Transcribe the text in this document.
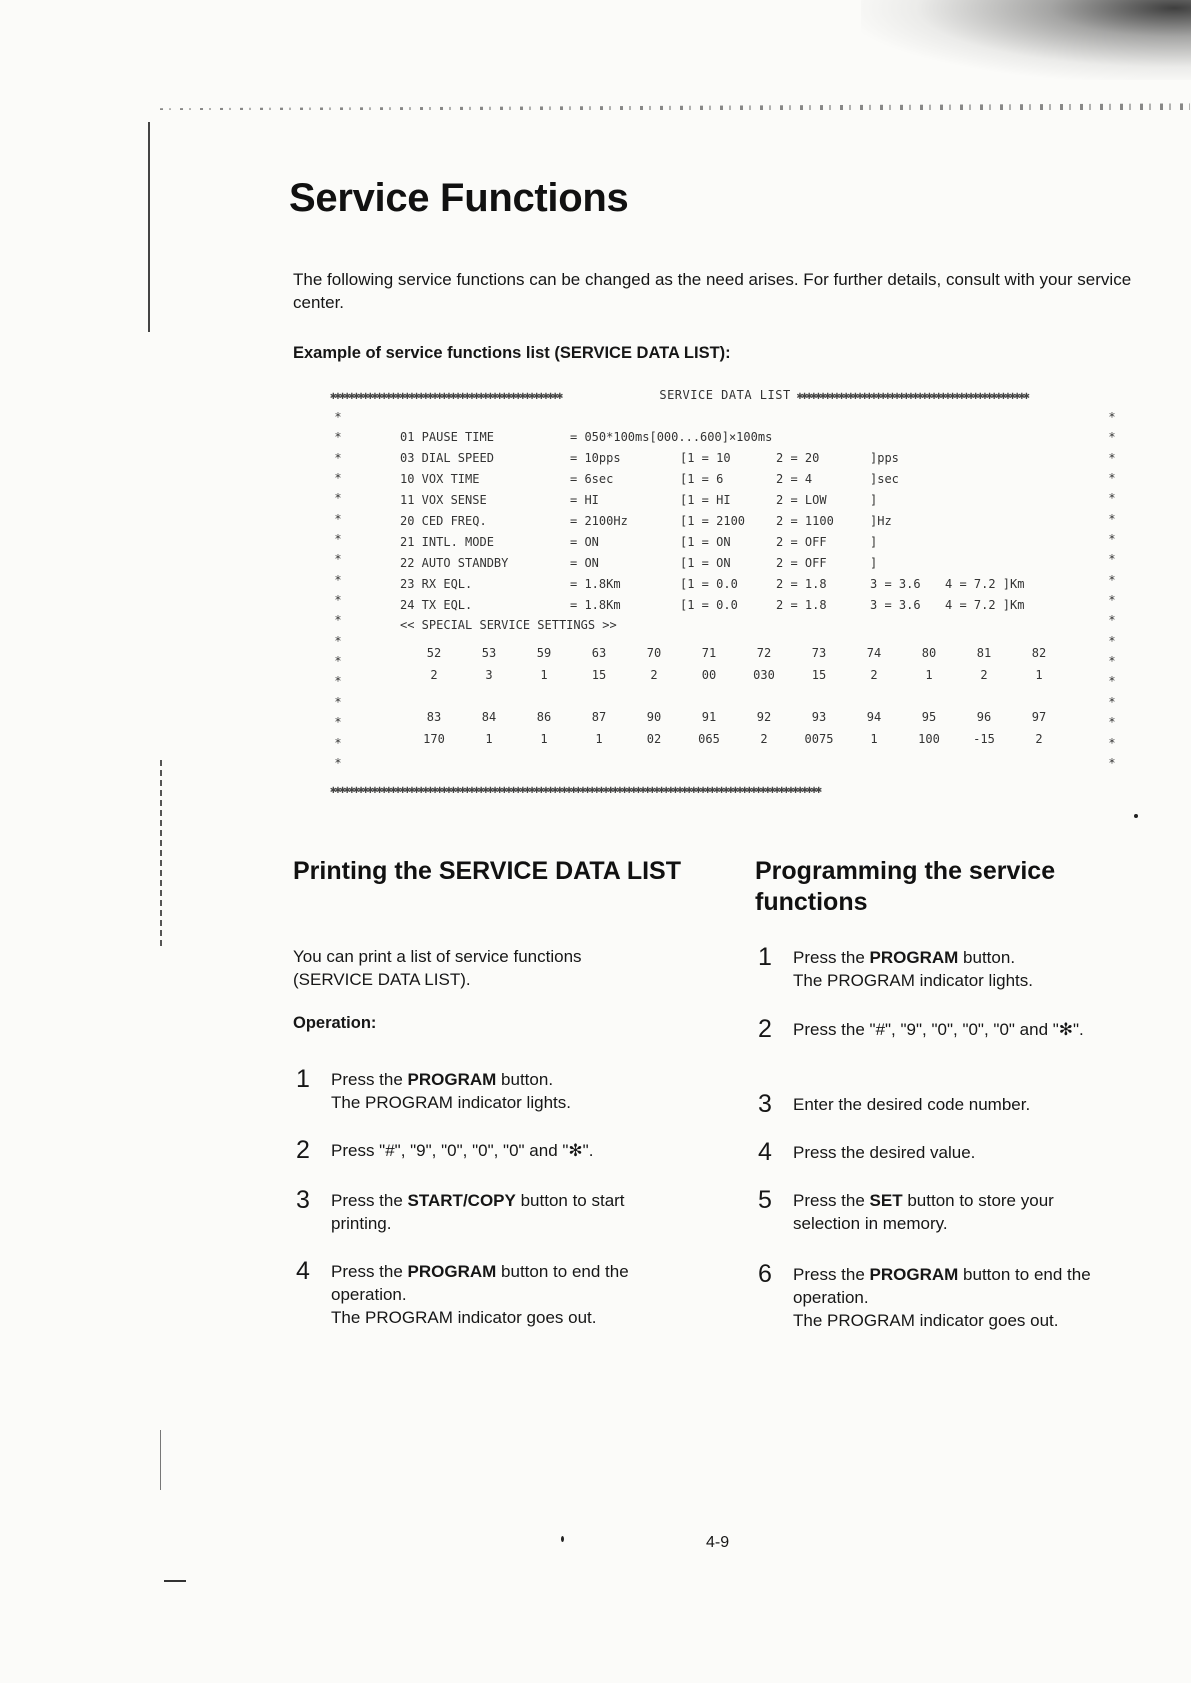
Service Functions

The following service functions can be changed as the need arises. For further details, consult with your service center.

Example of service functions list (SERVICE DATA LIST):

✱✱✱✱✱✱✱✱✱✱✱✱✱✱✱✱✱✱✱✱✱✱✱✱✱✱✱✱✱✱✱✱✱✱✱✱✱✱✱✱✱✱✱✱✱✱✱✱✱✱	SERVICE DATA LIST ✱✱✱✱✱✱✱✱✱✱✱✱✱✱✱✱✱✱✱✱✱✱✱✱✱✱✱✱✱✱✱✱✱✱✱✱✱✱✱✱✱✱✱✱✱✱✱✱✱✱
*
*
*
*
*
*
*
*
*
*
*
*
*
*
*
*
*
*
*
*
*
*
*
*
*
*
*
*
*
*
*
*
*
*
*
*
01 PAUSE TIME	= 050*100ms[000...600]×100ms
03 DIAL SPEED	= 10pps	[1 = 10	2 = 20	]pps
10 VOX TIME	= 6sec	[1 = 6	2 = 4	]sec
11 VOX SENSE	= HI	[1 = HI	2 = LOW	]
20 CED FREQ.	= 2100Hz	[1 = 2100	2 = 1100	]Hz
21 INTL. MODE	= ON	[1 = ON	2 = OFF	]
22 AUTO STANDBY	= ON	[1 = ON	2 = OFF	]
23 RX EQL.	= 1.8Km	[1 = 0.0	2 = 1.8	3 = 3.6 4 = 7.2 ]Km
24 TX EQL.	= 1.8Km	[1 = 0.0	2 = 1.8	3 = 3.6 4 = 7.2 ]Km
<< SPECIAL SERVICE SETTINGS >>
52	53	59	63	70	71	72	73	74	80	81	82
2	3	1	15	2	00	030	15	2	1	2	1
83	84	86	87	90	91	92	93	94	95	96	97
170	1	1	1	02	065	2	0075	1	100	-15	2
✱✱✱✱✱✱✱✱✱✱✱✱✱✱✱✱✱✱✱✱✱✱✱✱✱✱✱✱✱✱✱✱✱✱✱✱✱✱✱✱✱✱✱✱✱✱✱✱✱✱✱✱✱✱✱✱✱✱✱✱✱✱✱✱✱✱✱✱✱✱✱✱✱✱✱✱✱✱✱✱✱✱✱✱✱✱✱✱✱✱✱✱✱✱✱✱✱✱✱✱✱✱✱✱✱✱
Printing the SERVICE DATA LIST

You can print a list of service functions (SERVICE DATA LIST).

Operation:

1 Press the PROGRAM button.
The PROGRAM indicator lights.
2 Press "#", "9", "0", "0", "0" and "✻".
3 Press the START/COPY button to start printing.
4 Press the PROGRAM button to end the operation.
The PROGRAM indicator goes out.
Programming the service functions
1 Press the PROGRAM button.
The PROGRAM indicator lights.
2 Press the "#", "9", "0", "0", "0" and "✻".
3 Enter the desired code number.
4 Press the desired value.
5 Press the SET button to store your selection in memory.
6 Press the PROGRAM button to end the operation.
The PROGRAM indicator goes out.

4-9
